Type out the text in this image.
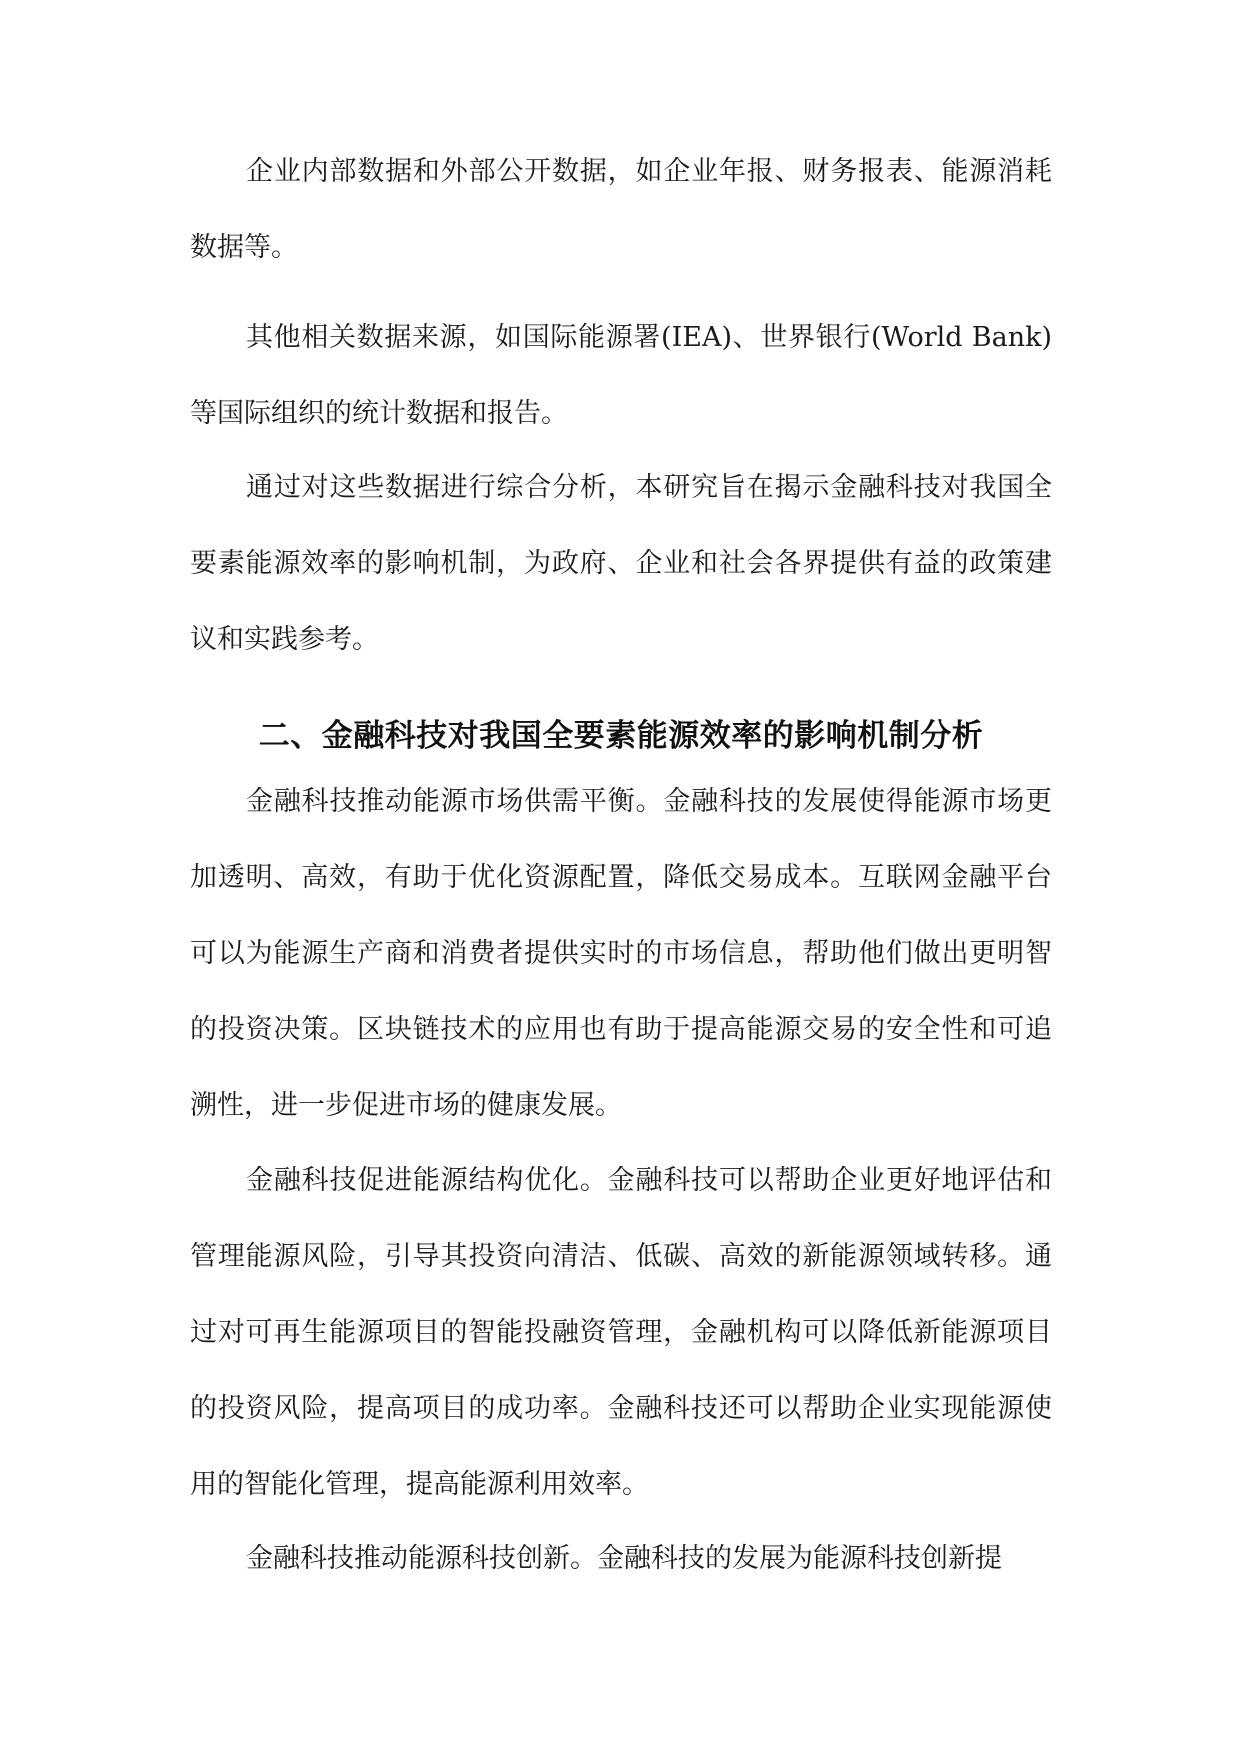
企业内部数据和外部公开数据，如企业年报、财务报表、能源消耗数据等。

其他相关数据来源，如国际能源署(IEA)、世界银行(World Bank)等国际组织的统计数据和报告。

通过对这些数据进行综合分析，本研究旨在揭示金融科技对我国全要素能源效率的影响机制，为政府、企业和社会各界提供有益的政策建议和实践参考。

二、金融科技对我国全要素能源效率的影响机制分析

金融科技推动能源市场供需平衡。金融科技的发展使得能源市场更加透明、高效，有助于优化资源配置，降低交易成本。互联网金融平台可以为能源生产商和消费者提供实时的市场信息，帮助他们做出更明智的投资决策。区块链技术的应用也有助于提高能源交易的安全性和可追溯性，进一步促进市场的健康发展。

金融科技促进能源结构优化。金融科技可以帮助企业更好地评估和管理能源风险，引导其投资向清洁、低碳、高效的新能源领域转移。通过对可再生能源项目的智能投融资管理，金融机构可以降低新能源项目的投资风险，提高项目的成功率。金融科技还可以帮助企业实现能源使用的智能化管理，提高能源利用效率。

金融科技推动能源科技创新。金融科技的发展为能源科技创新提
